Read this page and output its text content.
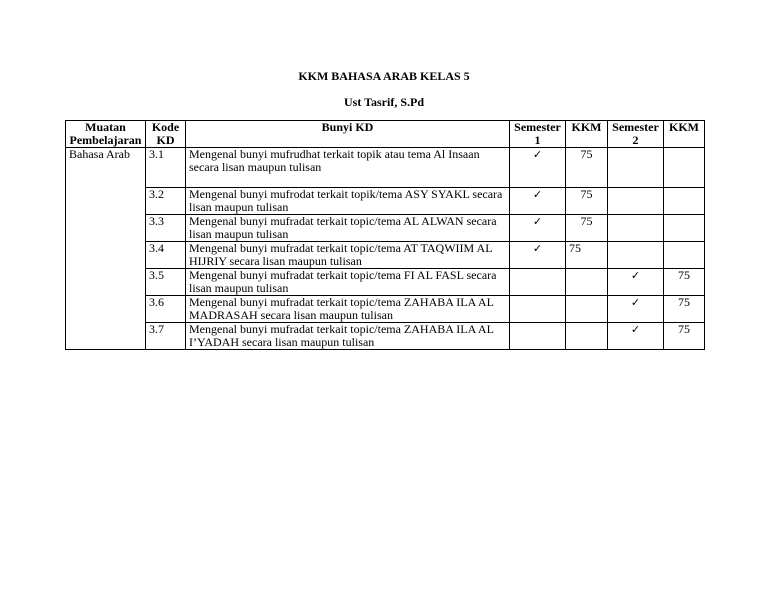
KKM BAHASA ARAB KELAS 5
Ust Tasrif, S.Pd
Muatan Pembelajaran	Kode KD	Bunyi KD	Semester 1	KKM	Semester 2	KKM
Bahasa Arab	3.1	Mengenal bunyi mufrudhat terkait topik atau tema Al Insaan secara lisan maupun tulisan	✓	75		
	3.2	Mengenal bunyi mufrodat terkait topik/tema ASY SYAKL secara lisan maupun tulisan	✓	75		
	3.3	Mengenal bunyi mufradat terkait topic/tema AL ALWAN secara lisan maupun tulisan	✓	75		
	3.4	Mengenal bunyi mufradat terkait topic/tema AT TAQWIIM AL HIJRIY secara lisan maupun tulisan	✓	75		
	3.5	Mengenal bunyi mufradat terkait topic/tema FI AL FASL secara lisan maupun tulisan			✓	75
	3.6	Mengenal bunyi mufradat terkait topic/tema ZAHABA ILA AL MADRASAH secara lisan maupun tulisan			✓	75
	3.7	Mengenal bunyi mufradat terkait topic/tema ZAHABA ILA AL I’YADAH secara lisan maupun tulisan			✓	75
